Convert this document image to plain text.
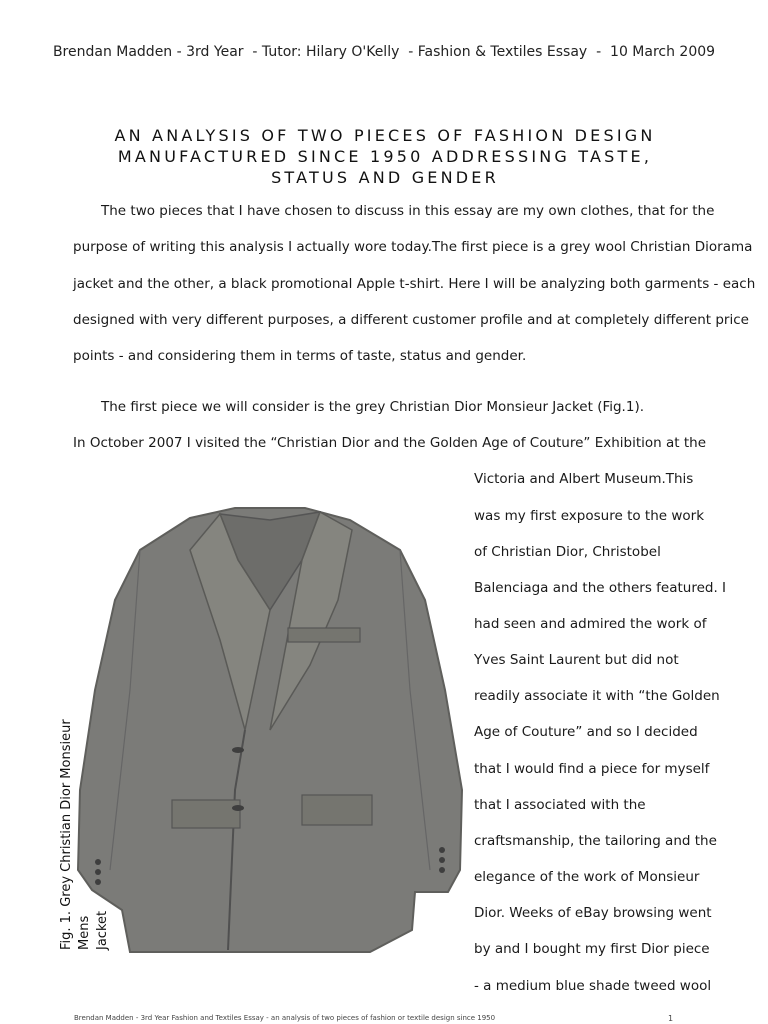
Brendan Madden - 3rd Year  - Tutor: Hilary O'Kelly  - Fashion & Textiles Essay  -  10 March 2009
AN ANALYSIS OF TWO PIECES OF FASHION DESIGN
MANUFACTURED SINCE 1950 ADDRESSING TASTE,
STATUS AND GENDER
The two pieces that I have chosen to discuss in this essay are my own clothes, that for the
purpose of writing this analysis I actually wore today.The first piece is a grey wool Christian Diorama
jacket and the other, a black promotional Apple t-shirt. Here I will be analyzing both garments - each
designed with very different purposes, a different customer profile and at completely different price
points - and considering them in terms of taste, status and gender.
The first piece we will consider is the grey Christian Dior Monsieur Jacket (Fig.1).
In October 2007 I visited the “Christian Dior and the Golden Age of Couture” Exhibition at the
Victoria and Albert Museum.This
was my first exposure to the work
of Christian Dior, Christobel
Balenciaga and the others featured. I
had seen and admired the work of
Yves Saint Laurent but did not
readily associate it with “the Golden
Age of Couture” and so I decided
that I would find a piece for myself
that I associated with the
craftsmanship, the tailoring and the
elegance of the work of Monsieur
Dior. Weeks of eBay browsing went
by and I bought my first Dior piece
- a medium blue shade tweed wool
Fig. 1. Grey Christian Dior Monsieur Mens Jacket
Brendan Madden - 3rd Year Fashion and Textiles Essay - an analysis of two pieces of fashion or textile design since 1950	1
